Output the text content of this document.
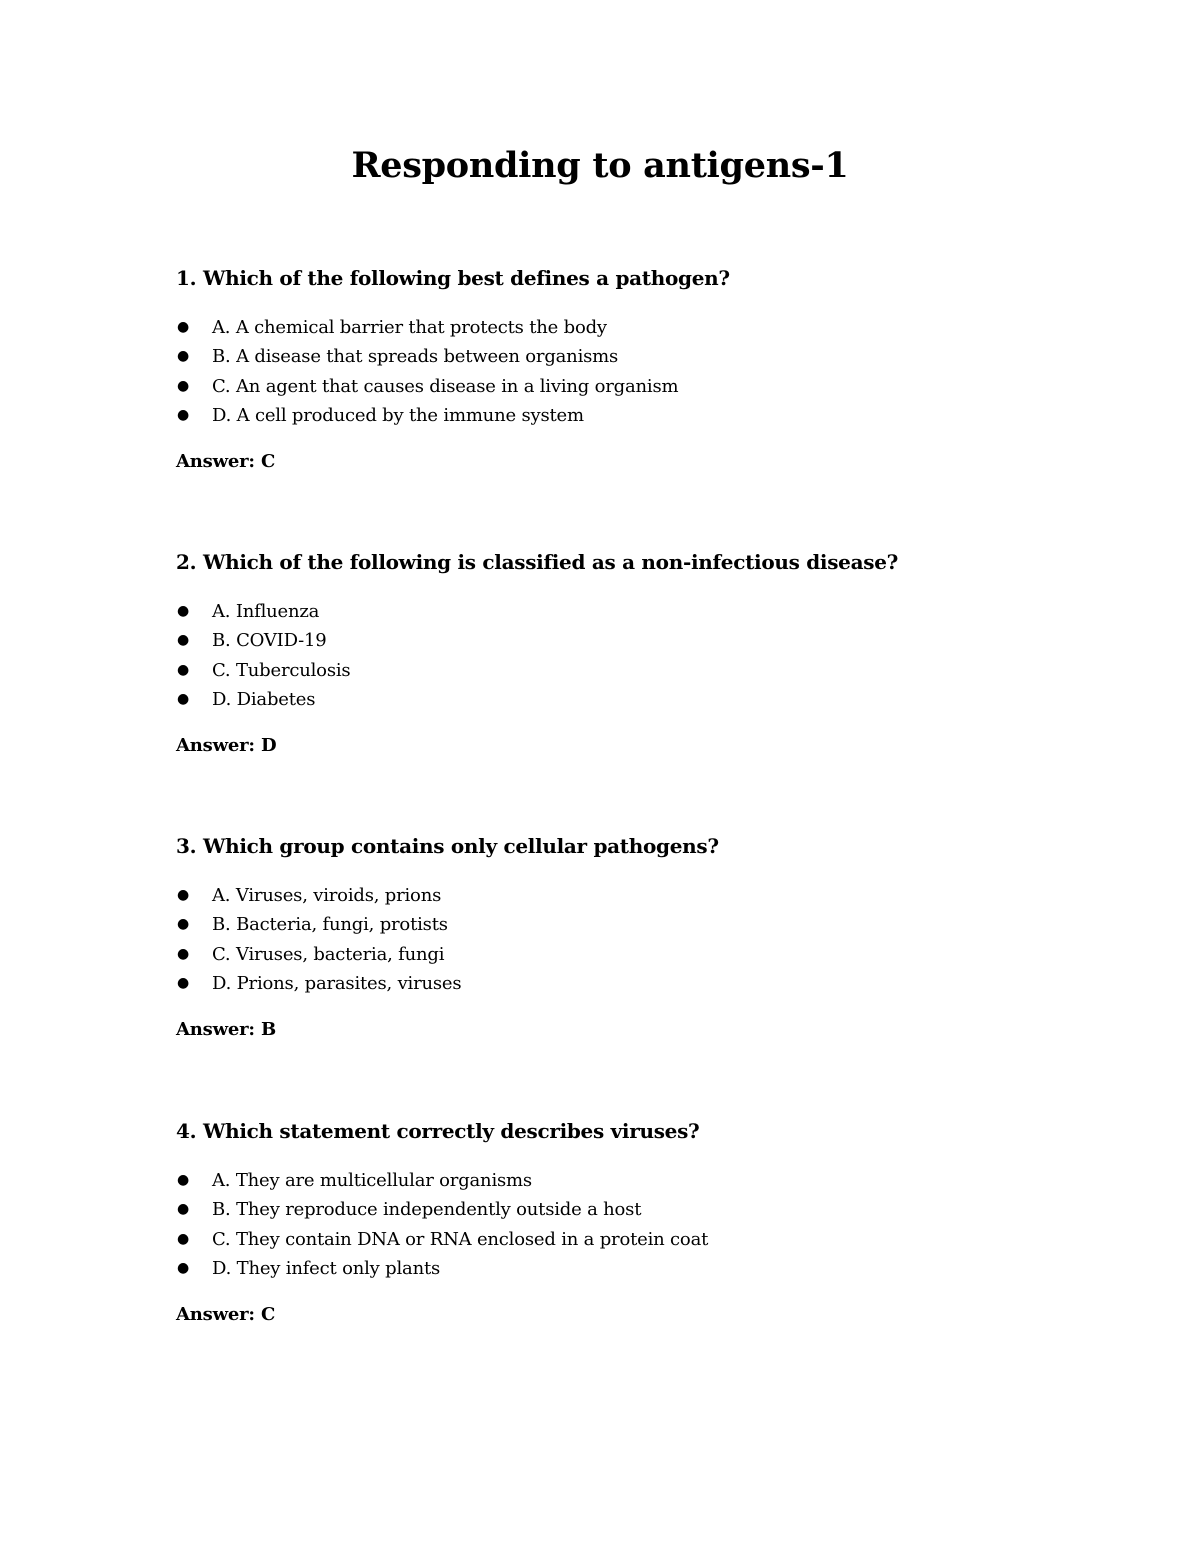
Responding to antigens-1
1. Which of the following best defines a pathogen?
● A. A chemical barrier that protects the body
● B. A disease that spreads between organisms
● C. An agent that causes disease in a living organism
● D. A cell produced by the immune system

Answer: C

2. Which of the following is classified as a non-infectious disease?
● A. Influenza
● B. COVID-19
● C. Tuberculosis
● D. Diabetes

Answer: D

3. Which group contains only cellular pathogens?
● A. Viruses, viroids, prions
● B. Bacteria, fungi, protists
● C. Viruses, bacteria, fungi
● D. Prions, parasites, viruses

Answer: B

4. Which statement correctly describes viruses?
● A. They are multicellular organisms
● B. They reproduce independently outside a host
● C. They contain DNA or RNA enclosed in a protein coat
● D. They infect only plants

Answer: C
